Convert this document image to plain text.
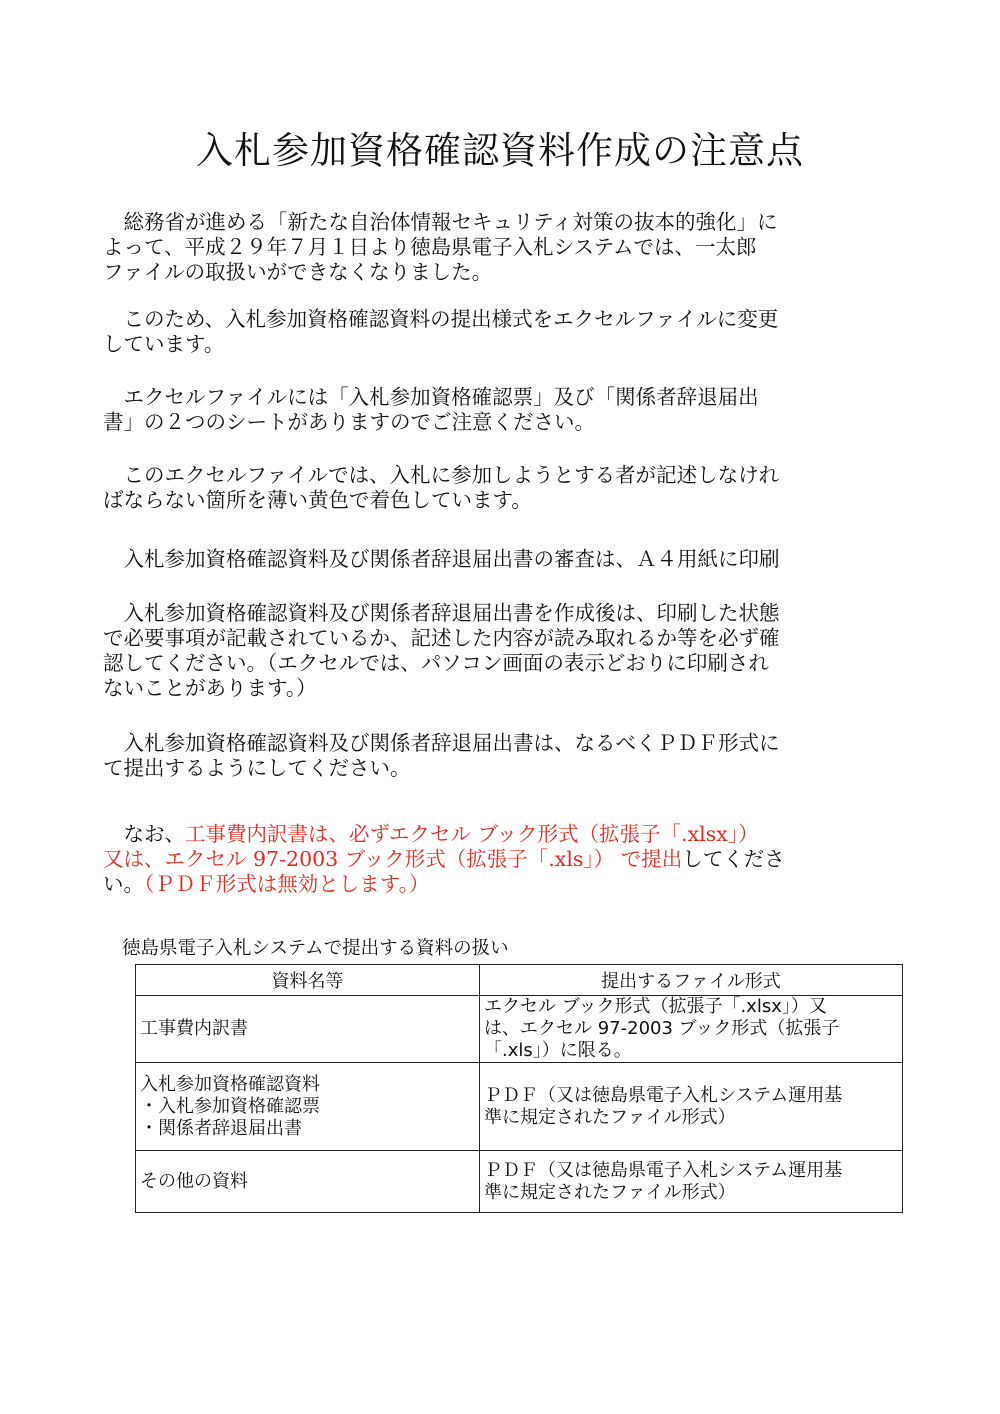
入札参加資格確認資料作成の注意点

　総務省が進める「新たな自治体情報セキュリティ対策の抜本的強化」に
よって、平成２９年７月１日より徳島県電子入札システムでは、一太郎
ファイルの取扱いができなくなりました。

　このため、入札参加資格確認資料の提出様式をエクセルファイルに変更
しています。

　エクセルファイルには「入札参加資格確認票」及び「関係者辞退届出
書」の２つのシートがありますのでご注意ください。

　このエクセルファイルでは、入札に参加しようとする者が記述しなけれ
ばならない箇所を薄い黄色で着色しています。

　入札参加資格確認資料及び関係者辞退届出書の審査は、Ａ４用紙に印刷

　入札参加資格確認資料及び関係者辞退届出書を作成後は、印刷した状態
で必要事項が記載されているか、記述した内容が読み取れるか等を必ず確
認してください。（エクセルでは、パソコン画面の表示どおりに印刷され
ないことがあります。）

　入札参加資格確認資料及び関係者辞退届出書は、なるべくＰＤＦ形式に
て提出するようにしてください。

　なお、工事費内訳書は、必ずエクセル ブック形式（拡張子「.xlsx」）
又は、エクセル 97-2003 ブック形式（拡張子「.xls」） で提出してくださ
い。（ＰＤＦ形式は無効とします。）

徳島県電子入札システムで提出する資料の扱い
資料名等	提出するファイル形式

工事費内訳書	エクセル ブック形式（拡張子「.xlsx」）又
は、エクセル 97-2003 ブック形式（拡張子
「.xls」）に限る。

入札参加資格確認資料
・入札参加資格確認票
・関係者辞退届出書	ＰＤＦ（又は徳島県電子入札システム運用基
準に規定されたファイル形式）

その他の資料	ＰＤＦ（又は徳島県電子入札システム運用基
準に規定されたファイル形式）
